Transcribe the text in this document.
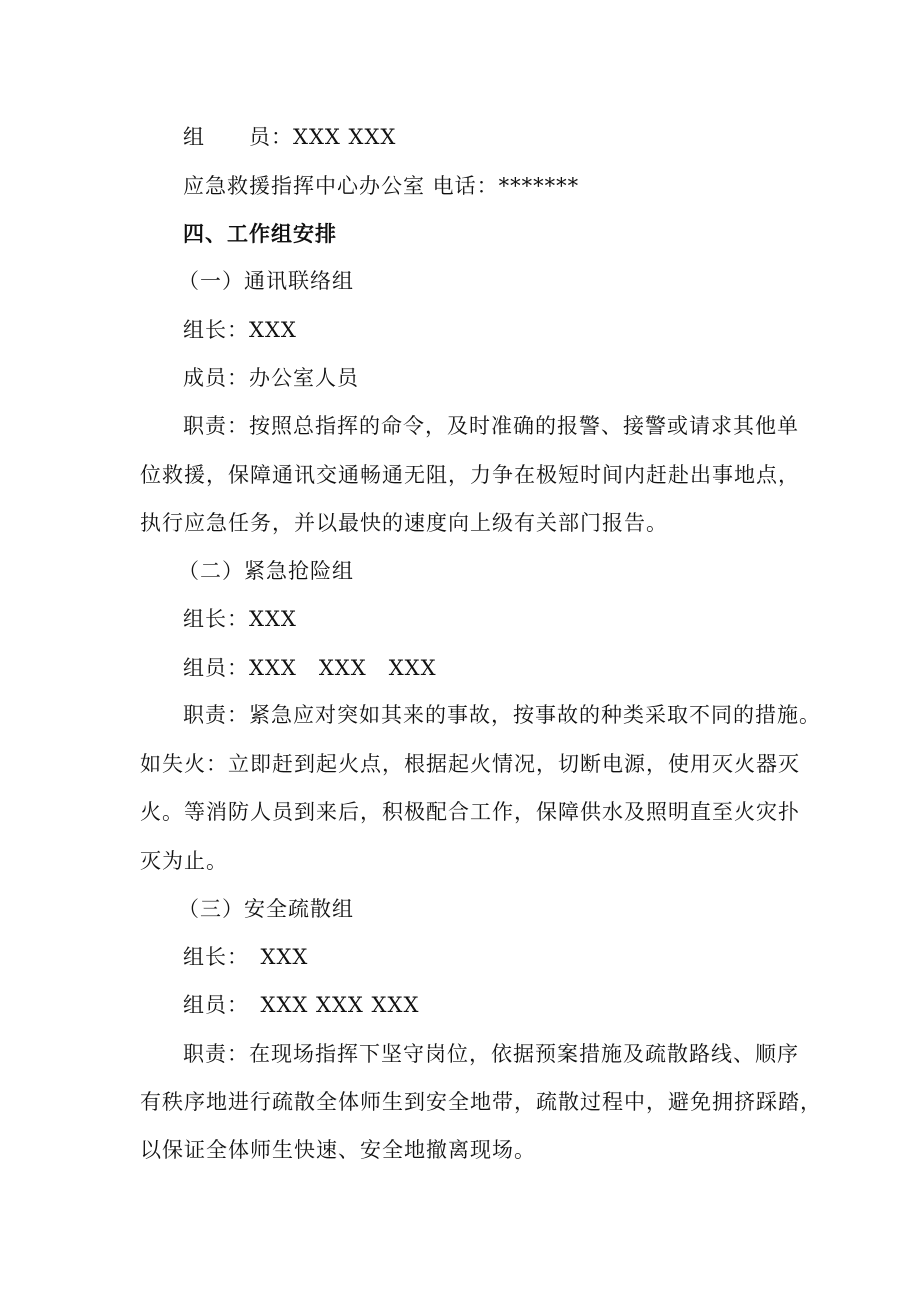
组　　员：XXX XXX
应急救援指挥中心办公室 电话：*******
四、工作组安排
（一）通讯联络组
组长：XXX
成员：办公室人员
职责：按照总指挥的命令，及时准确的报警、接警或请求其他单
位救援，保障通讯交通畅通无阻，力争在极短时间内赶赴出事地点，
执行应急任务，并以最快的速度向上级有关部门报告。
（二）紧急抢险组
组长：XXX
组员：XXX　XXX　XXX
职责：紧急应对突如其来的事故，按事故的种类采取不同的措施。
如失火：立即赶到起火点，根据起火情况，切断电源，使用灭火器灭
火。等消防人员到来后，积极配合工作，保障供水及照明直至火灾扑
灭为止。
（三）安全疏散组
组长：　XXX
组员：　XXX XXX XXX
职责：在现场指挥下坚守岗位，依据预案措施及疏散路线、顺序
有秩序地进行疏散全体师生到安全地带，疏散过程中，避免拥挤踩踏，
以保证全体师生快速、安全地撤离现场。
